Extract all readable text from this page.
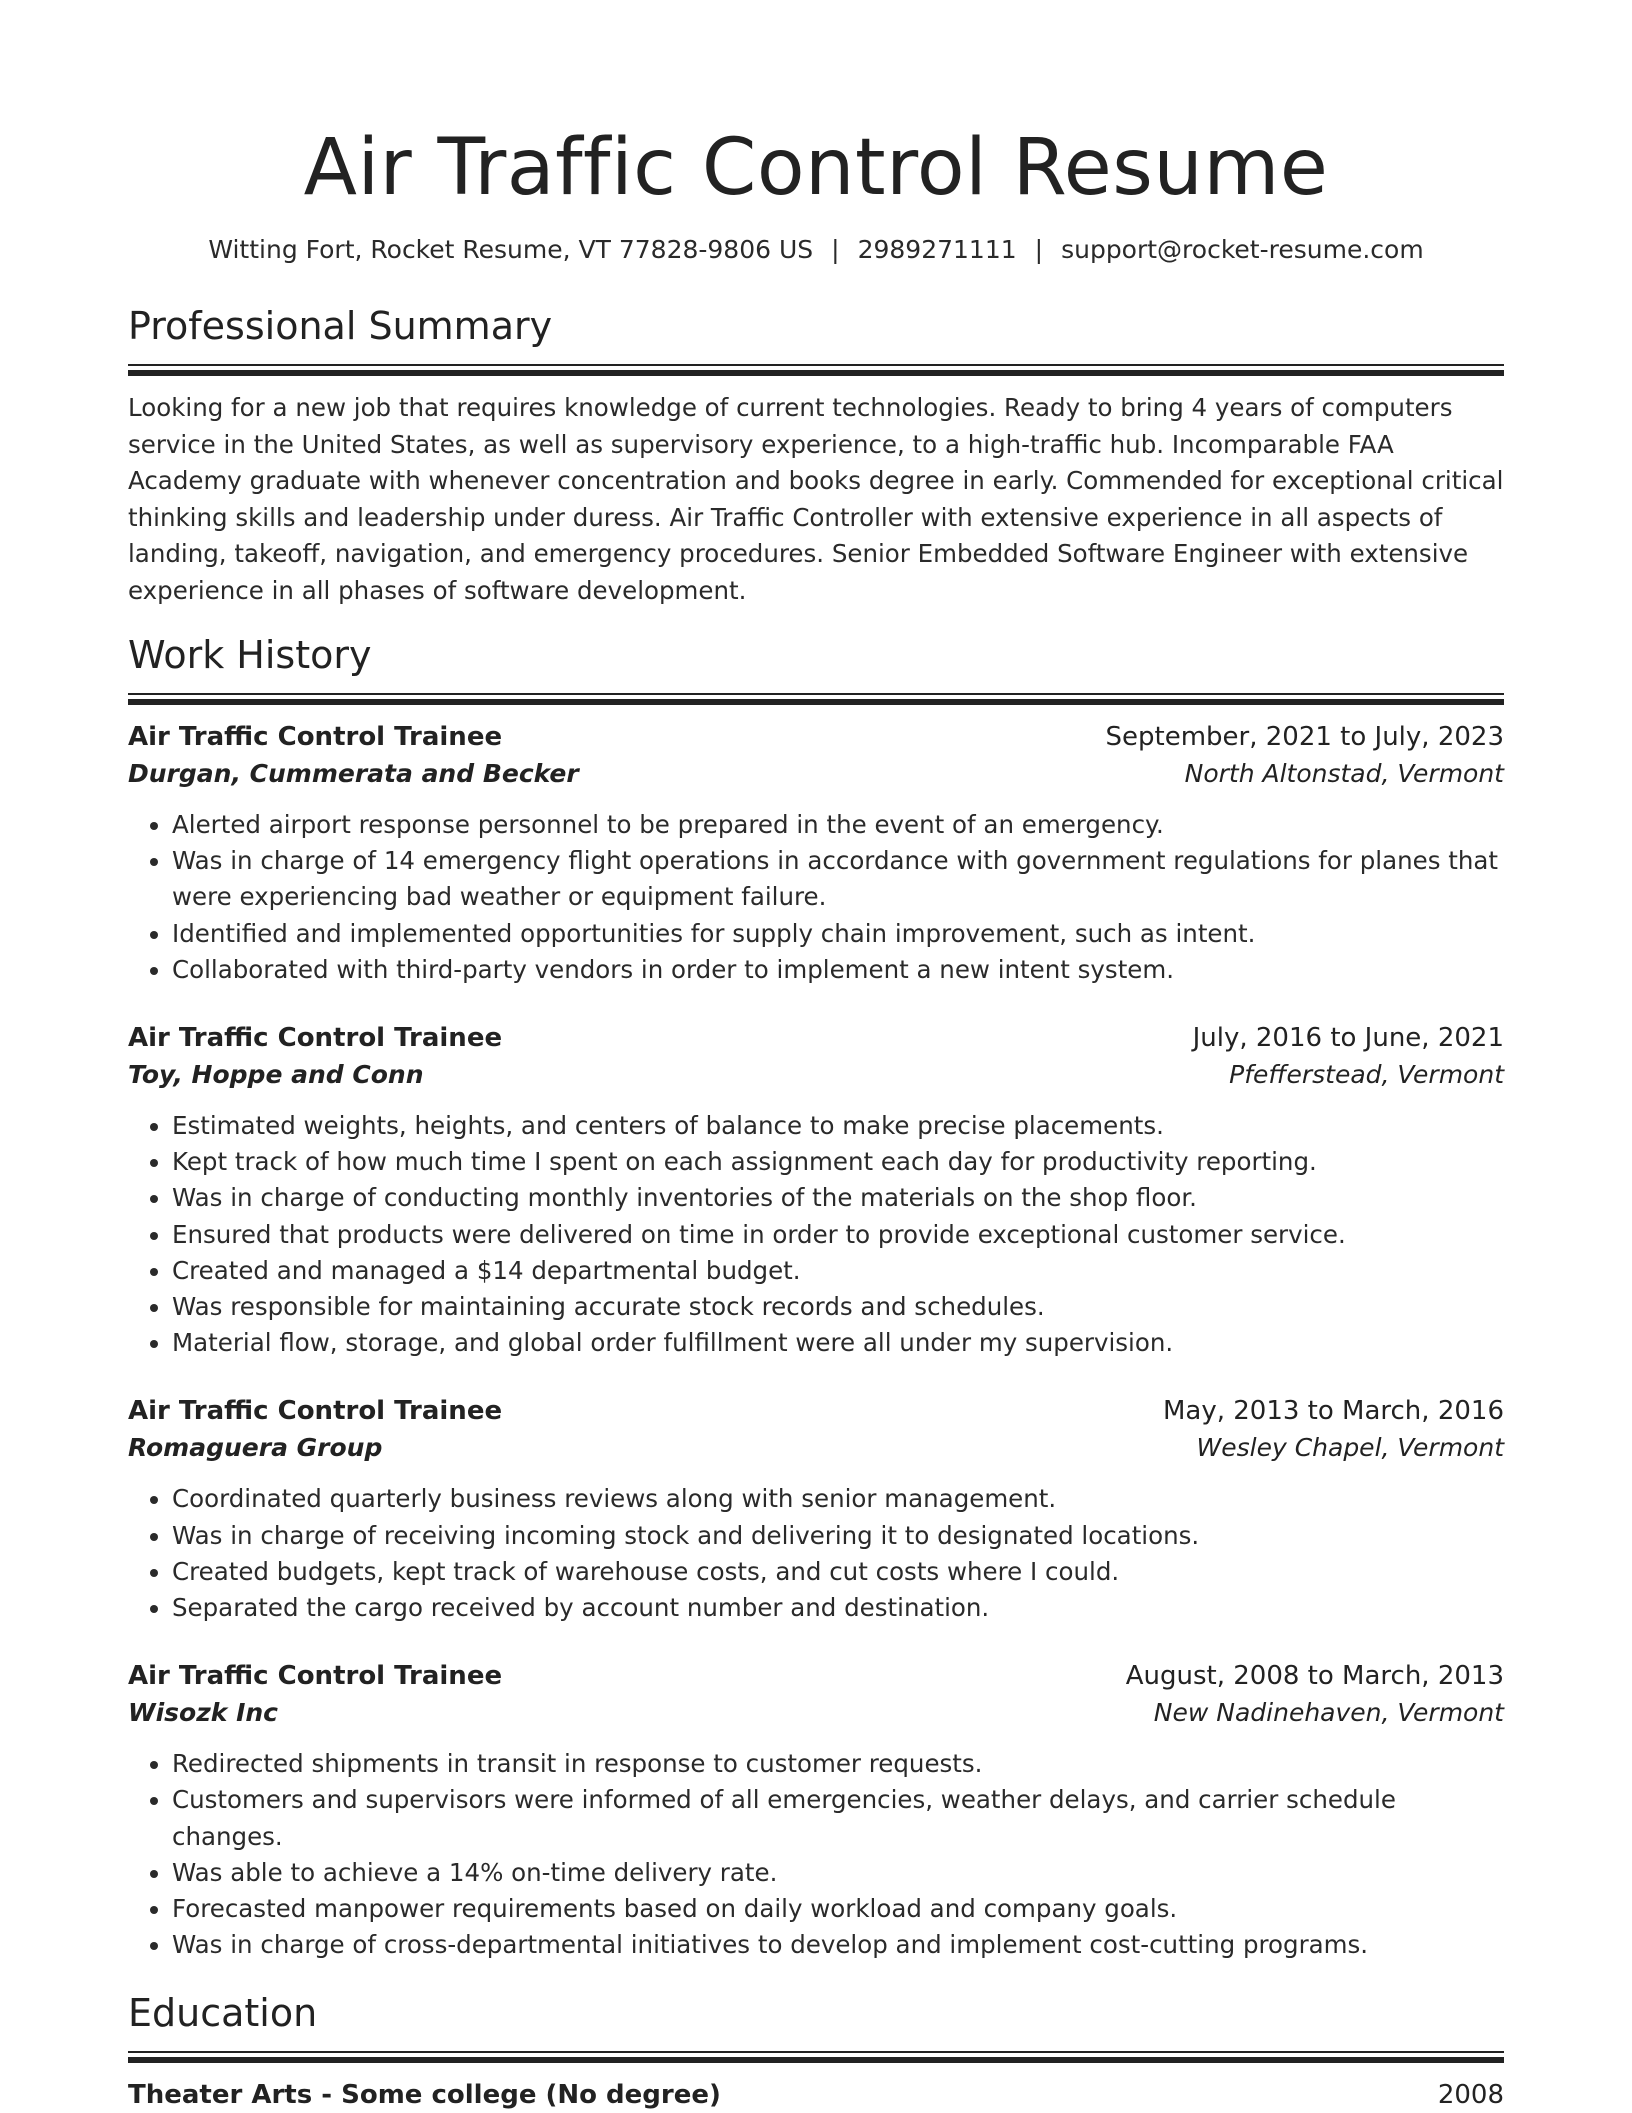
Air Traffic Control Resume
Witting Fort, Rocket Resume, VT 77828-9806 US | 2989271111 | support@rocket-resume.com
Professional Summary

Looking for a new job that requires knowledge of current technologies. Ready to bring 4 years of computers service in the United States, as well as supervisory experience, to a high-traffic hub. Incomparable FAA Academy graduate with whenever concentration and books degree in early. Commended for exceptional critical thinking skills and leadership under duress. Air Traffic Controller with extensive experience in all aspects of landing, takeoff, navigation, and emergency procedures. Senior Embedded Software Engineer with extensive experience in all phases of software development.

Work History
Air Traffic Control Trainee	September, 2021 to July, 2023
Durgan, Cummerata and Becker	North Altonstad, Vermont
• Alerted airport response personnel to be prepared in the event of an emergency.
• Was in charge of 14 emergency flight operations in accordance with government regulations for planes that were experiencing bad weather or equipment failure.
• Identified and implemented opportunities for supply chain improvement, such as intent.
• Collaborated with third-party vendors in order to implement a new intent system.
Air Traffic Control Trainee	July, 2016 to June, 2021
Toy, Hoppe and Conn	Pfefferstead, Vermont
• Estimated weights, heights, and centers of balance to make precise placements.
• Kept track of how much time I spent on each assignment each day for productivity reporting.
• Was in charge of conducting monthly inventories of the materials on the shop floor.
• Ensured that products were delivered on time in order to provide exceptional customer service.
• Created and managed a $14 departmental budget.
• Was responsible for maintaining accurate stock records and schedules.
• Material flow, storage, and global order fulfillment were all under my supervision.
Air Traffic Control Trainee	May, 2013 to March, 2016
Romaguera Group	Wesley Chapel, Vermont
• Coordinated quarterly business reviews along with senior management.
• Was in charge of receiving incoming stock and delivering it to designated locations.
• Created budgets, kept track of warehouse costs, and cut costs where I could.
• Separated the cargo received by account number and destination.
Air Traffic Control Trainee	August, 2008 to March, 2013
Wisozk Inc	New Nadinehaven, Vermont
• Redirected shipments in transit in response to customer requests.
• Customers and supervisors were informed of all emergencies, weather delays, and carrier schedule changes.
• Was able to achieve a 14% on-time delivery rate.
• Forecasted manpower requirements based on daily workload and company goals.
• Was in charge of cross-departmental initiatives to develop and implement cost-cutting programs.
Education
Theater Arts - Some college (No degree)	2008
